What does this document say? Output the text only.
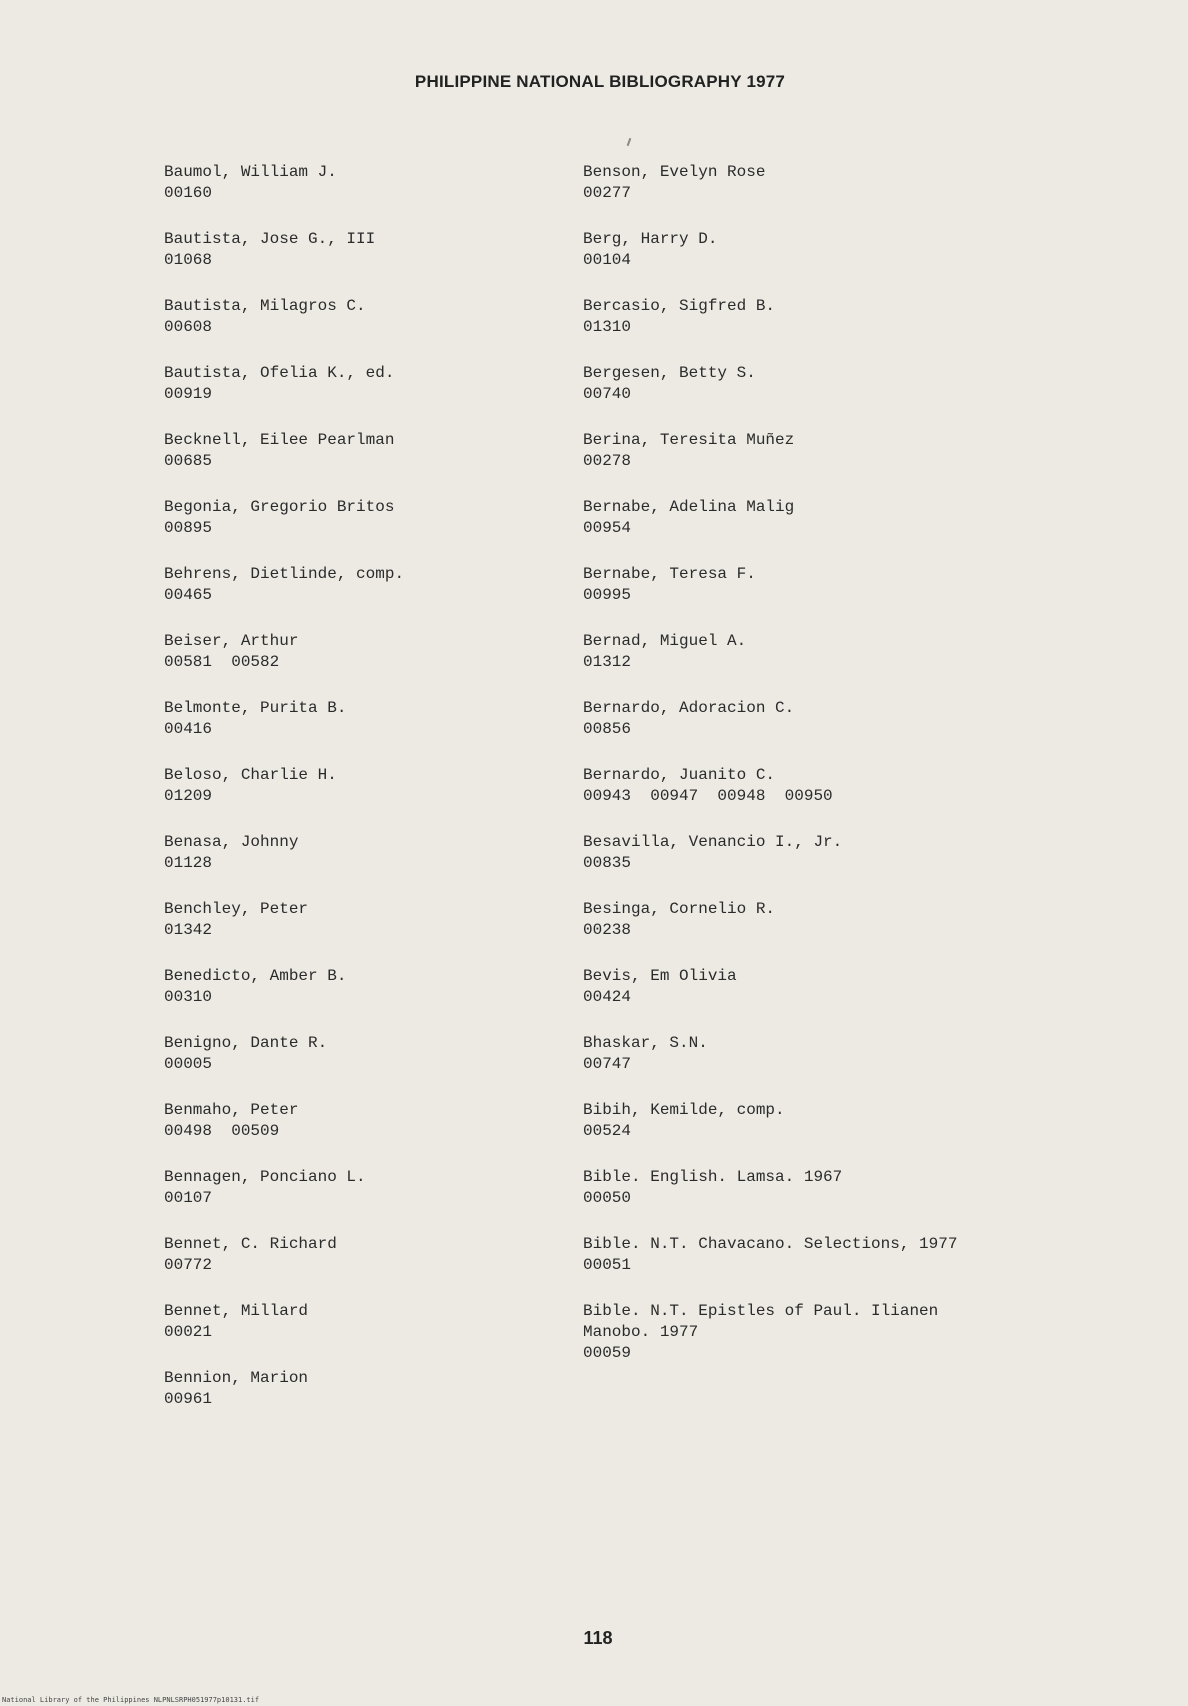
PHILIPPINE NATIONAL BIBLIOGRAPHY 1977
Baumol, William J.
00160
Bautista, Jose G., III
01068
Bautista, Milagros C.
00608
Bautista, Ofelia K., ed.
00919
Becknell, Eilee Pearlman
00685
Begonia, Gregorio Britos
00895
Behrens, Dietlinde, comp.
00465
Beiser, Arthur
00581  00582
Belmonte, Purita B.
00416
Beloso, Charlie H.
01209
Benasa, Johnny
01128
Benchley, Peter
01342
Benedicto, Amber B.
00310
Benigno, Dante R.
00005
Benmaho, Peter
00498  00509
Bennagen, Ponciano L.
00107
Bennet, C. Richard
00772
Bennet, Millard
00021
Bennion, Marion
00961
Benson, Evelyn Rose
00277
Berg, Harry D.
00104
Bercasio, Sigfred B.
01310
Bergesen, Betty S.
00740
Berina, Teresita Muñez
00278
Bernabe, Adelina Malig
00954
Bernabe, Teresa F.
00995
Bernad, Miguel A.
01312
Bernardo, Adoracion C.
00856
Bernardo, Juanito C.
00943  00947  00948  00950
Besavilla, Venancio I., Jr.
00835
Besinga, Cornelio R.
00238
Bevis, Em Olivia
00424
Bhaskar, S.N.
00747
Bibih, Kemilde, comp.
00524
Bible. English. Lamsa. 1967
00050
Bible. N.T. Chavacano. Selections, 1977
00051
Bible. N.T. Epistles of Paul. Ilianen
Manobo. 1977
00059
118
National Library of the Philippines NLPNLSRPH051977p10131.tif
